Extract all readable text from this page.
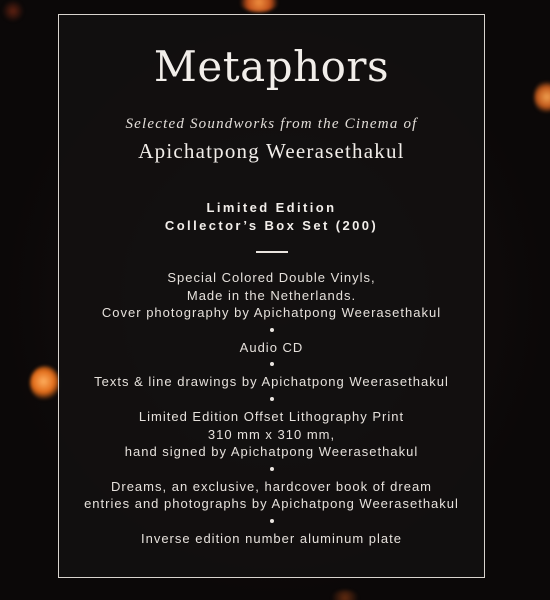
Metaphors
Selected Soundworks from the Cinema of
Apichatpong Weerasethakul
Limited Edition
Collector’s Box Set (200)
Special Colored Double Vinyls,
Made in the Netherlands.
Cover photography by Apichatpong Weerasethakul
Audio CD
Texts & line drawings by Apichatpong Weerasethakul
Limited Edition Offset Lithography Print
310 mm x 310 mm,
hand signed by Apichatpong Weerasethakul
Dreams, an exclusive, hardcover book of dream
entries and photographs by Apichatpong Weerasethakul
Inverse edition number aluminum plate
